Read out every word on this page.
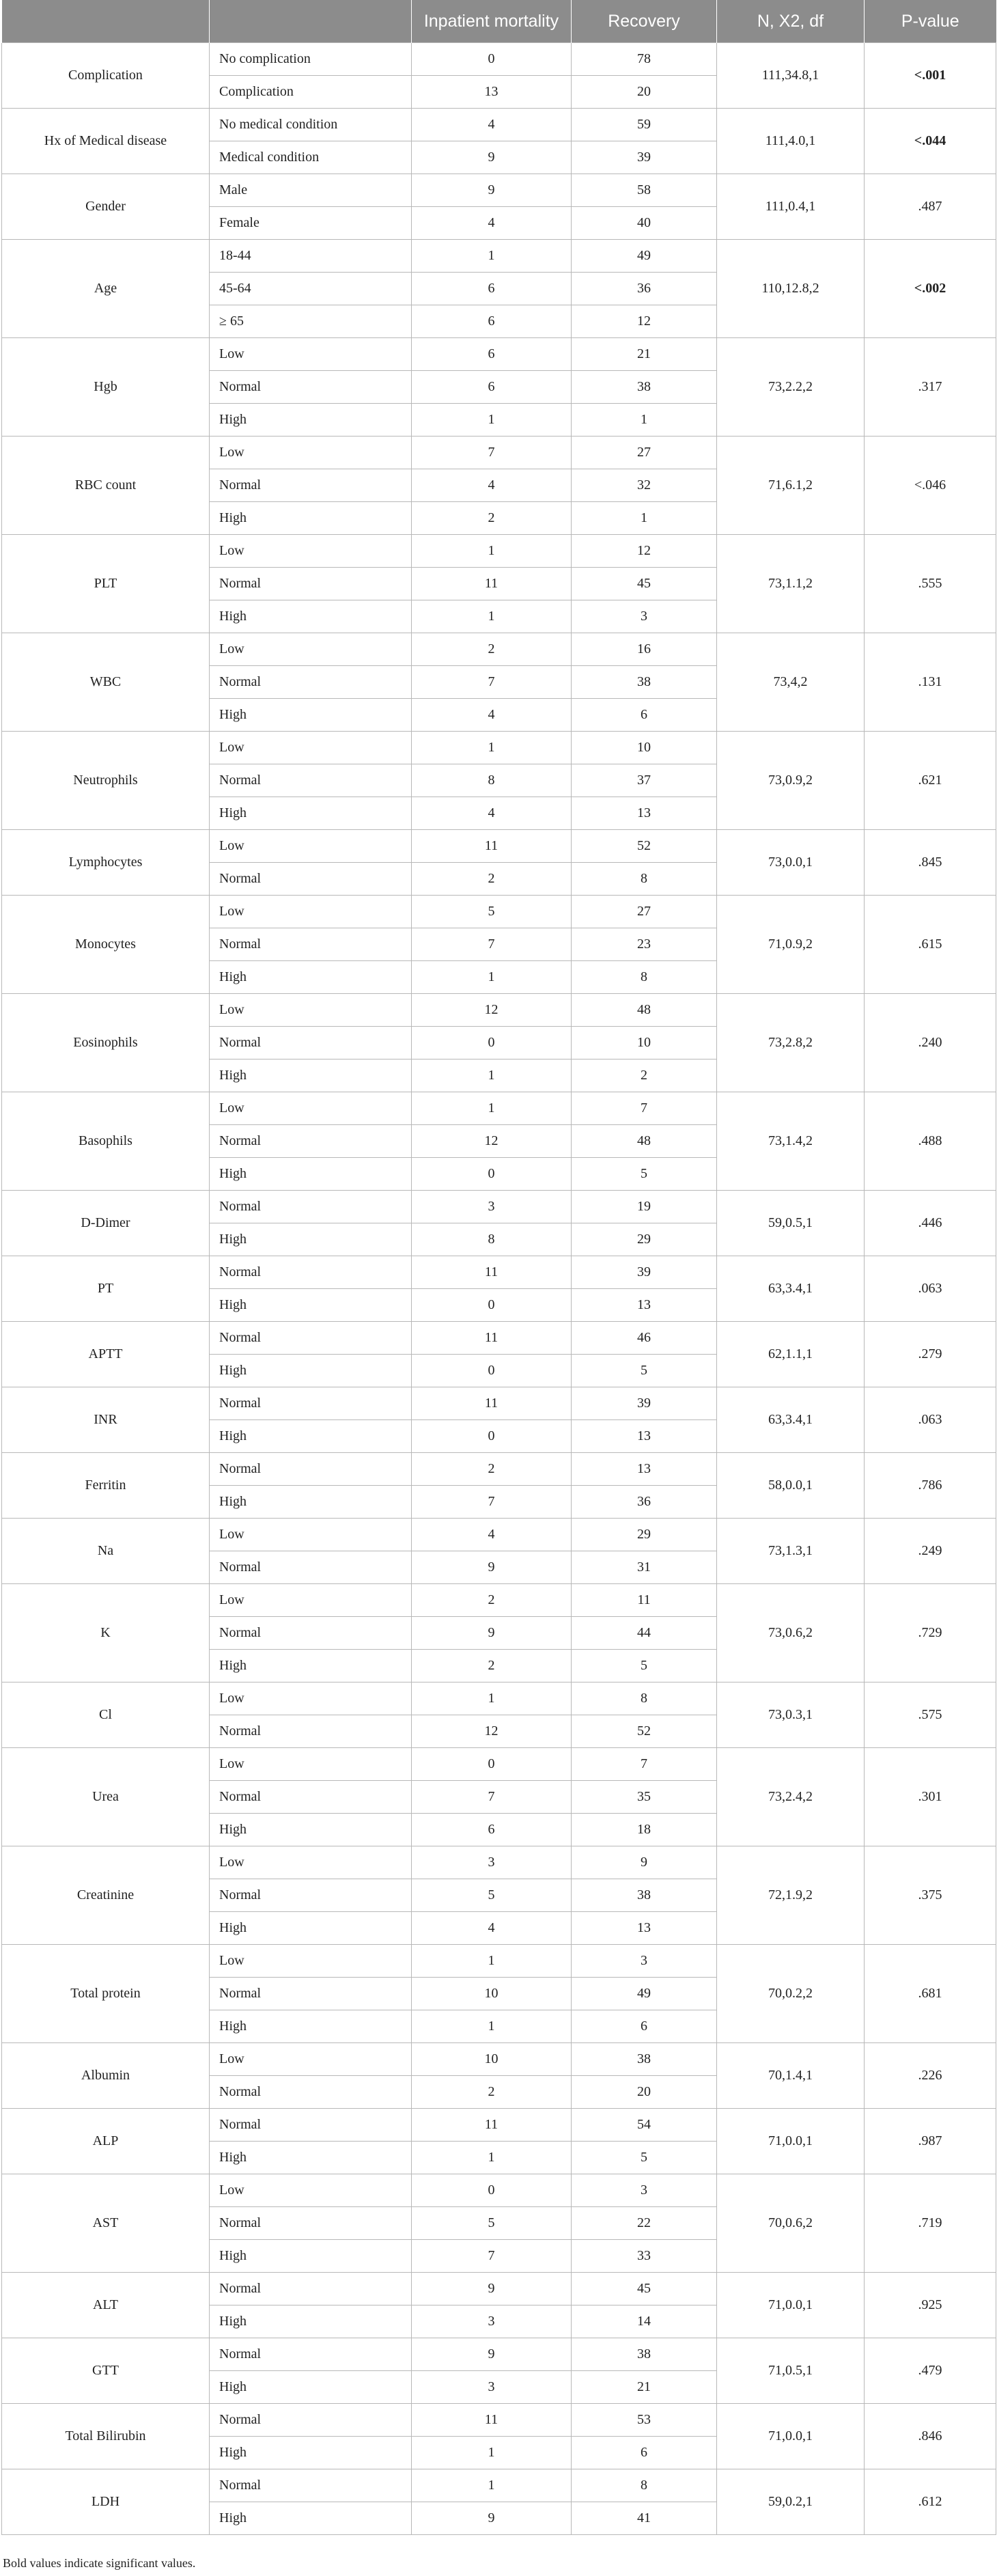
		Inpatient mortality	Recovery	N, X2, df	P-value
Complication	No complication	0	78	111,34.8,1	<.001
	Complication	13	20		
Hx of Medical disease	No medical condition	4	59	111,4.0,1	<.044
	Medical condition	9	39		
Gender	Male	9	58	111,0.4,1	.487
	Female	4	40		
Age	18-44	1	49	110,12.8,2	<.002
	45-64	6	36		
	≥ 65	6	12		
Hgb	Low	6	21	73,2.2,2	.317
	Normal	6	38		
	High	1	1		
RBC count	Low	7	27	71,6.1,2	<.046
	Normal	4	32		
	High	2	1		
PLT	Low	1	12	73,1.1,2	.555
	Normal	11	45		
	High	1	3		
WBC	Low	2	16	73,4,2	.131
	Normal	7	38		
	High	4	6		
Neutrophils	Low	1	10	73,0.9,2	.621
	Normal	8	37		
	High	4	13		
Lymphocytes	Low	11	52	73,0.0,1	.845
	Normal	2	8		
Monocytes	Low	5	27	71,0.9,2	.615
	Normal	7	23		
	High	1	8		
Eosinophils	Low	12	48	73,2.8,2	.240
	Normal	0	10		
	High	1	2		
Basophils	Low	1	7	73,1.4,2	.488
	Normal	12	48		
	High	0	5		
D-Dimer	Normal	3	19	59,0.5,1	.446
	High	8	29		
PT	Normal	11	39	63,3.4,1	.063
	High	0	13		
APTT	Normal	11	46	62,1.1,1	.279
	High	0	5		
INR	Normal	11	39	63,3.4,1	.063
	High	0	13		
Ferritin	Normal	2	13	58,0.0,1	.786
	High	7	36		
Na	Low	4	29	73,1.3,1	.249
	Normal	9	31		
K	Low	2	11	73,0.6,2	.729
	Normal	9	44		
	High	2	5		
Cl	Low	1	8	73,0.3,1	.575
	Normal	12	52		
Urea	Low	0	7	73,2.4,2	.301
	Normal	7	35		
	High	6	18		
Creatinine	Low	3	9	72,1.9,2	.375
	Normal	5	38		
	High	4	13		
Total protein	Low	1	3	70,0.2,2	.681
	Normal	10	49		
	High	1	6		
Albumin	Low	10	38	70,1.4,1	.226
	Normal	2	20		
ALP	Normal	11	54	71,0.0,1	.987
	High	1	5		
AST	Low	0	3	70,0.6,2	.719
	Normal	5	22		
	High	7	33		
ALT	Normal	9	45	71,0.0,1	.925
	High	3	14		
GTT	Normal	9	38	71,0.5,1	.479
	High	3	21		
Total Bilirubin	Normal	11	53	71,0.0,1	.846
	High	1	6		
LDH	Normal	1	8	59,0.2,1	.612
	High	9	41		
Bold values indicate significant values.
